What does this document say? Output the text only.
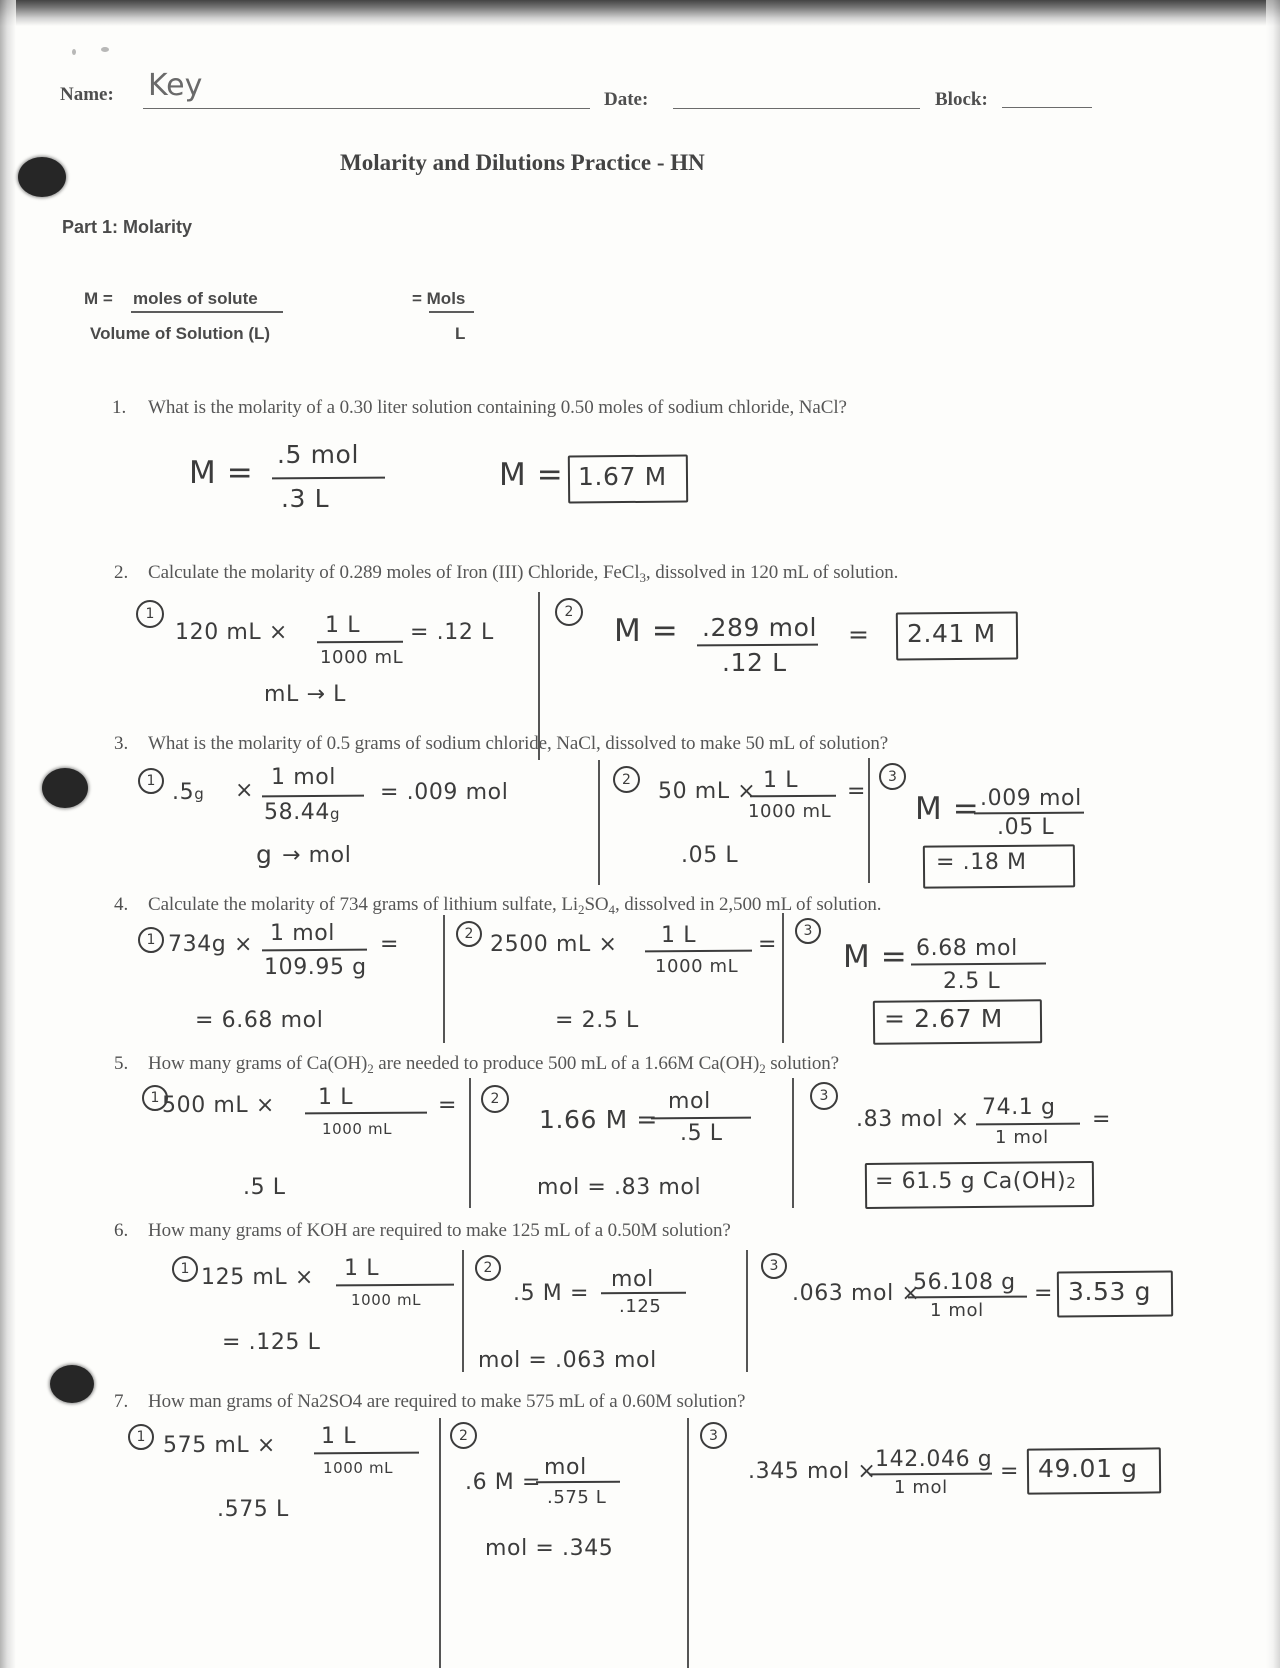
Name: Key	Date:	Block:
Molarity and Dilutions Practice - HN
Part 1: Molarity
M = moles of solute
Volume of Solution (L)
= Mols
L
1. What is the molarity of a 0.30 liter solution containing 0.50 moles of sodium chloride, NaCl?
M =
.5 mol
.3 L
M = 1.67 M
2. Calculate the molarity of 0.289 moles of Iron (III) Chloride, FeCl$_3$, dissolved in 120 mL of solution.
1
120 mL × 1 L
1000 mL
= .12 L
mL → L
2
M = .289 mol
.12 L
= 2.41 M
3. What is the molarity of 0.5 grams of sodium chloride, NaCl, dissolved to make 50 mL of solution?
1 .5g ×
1 mol
58.44g
= .009 mol
g → mol
2 50 mL × 1 L
1000 mL
=
.05 L
3
M = .009 mol
.05 L
= .18 M
4. Calculate the molarity of 734 grams of lithium sulfate, $Li_2SO_4$, dissolved in 2,500 mL of solution.
1 734g × 1 mol
109.95 g
=
= 6.68 mol
2 2500 mL × 1 L
1000 mL
=
= 2.5 L
3
M = 6.68 mol
2.5 L
= 2.67 M
5. How many grams of $Ca(OH)_2$ are needed to produce 500 mL of a 1.66M $Ca(OH)_2$ solution?
1 500 mL × 1 L
1000 mL
=
.5 L
2
1.66 M =
mol
.5 L
mol = .83 mol
3
.83 mol × 74.1 g
1 mol
=
= 61.5 g Ca(OH)2
6. How many grams of KOH are required to make 125 mL of a 0.50M solution?
1 125 mL × 1 L
1000 mL
= .125 L
2
.5 M =
mol
.125
mol = .063 mol
3
.063 mol ×
56.108 g
1 mol
= 3.53 g
7. How man grams of Na2SO4 are required to make 575 mL of a 0.60M solution?
1 575 mL × 1 L
1000 mL
.575 L
2
.6 M =
mol
.575 L
mol = .345
3
.345 mol ×
142.046 g
1 mol
= 49.01 g
